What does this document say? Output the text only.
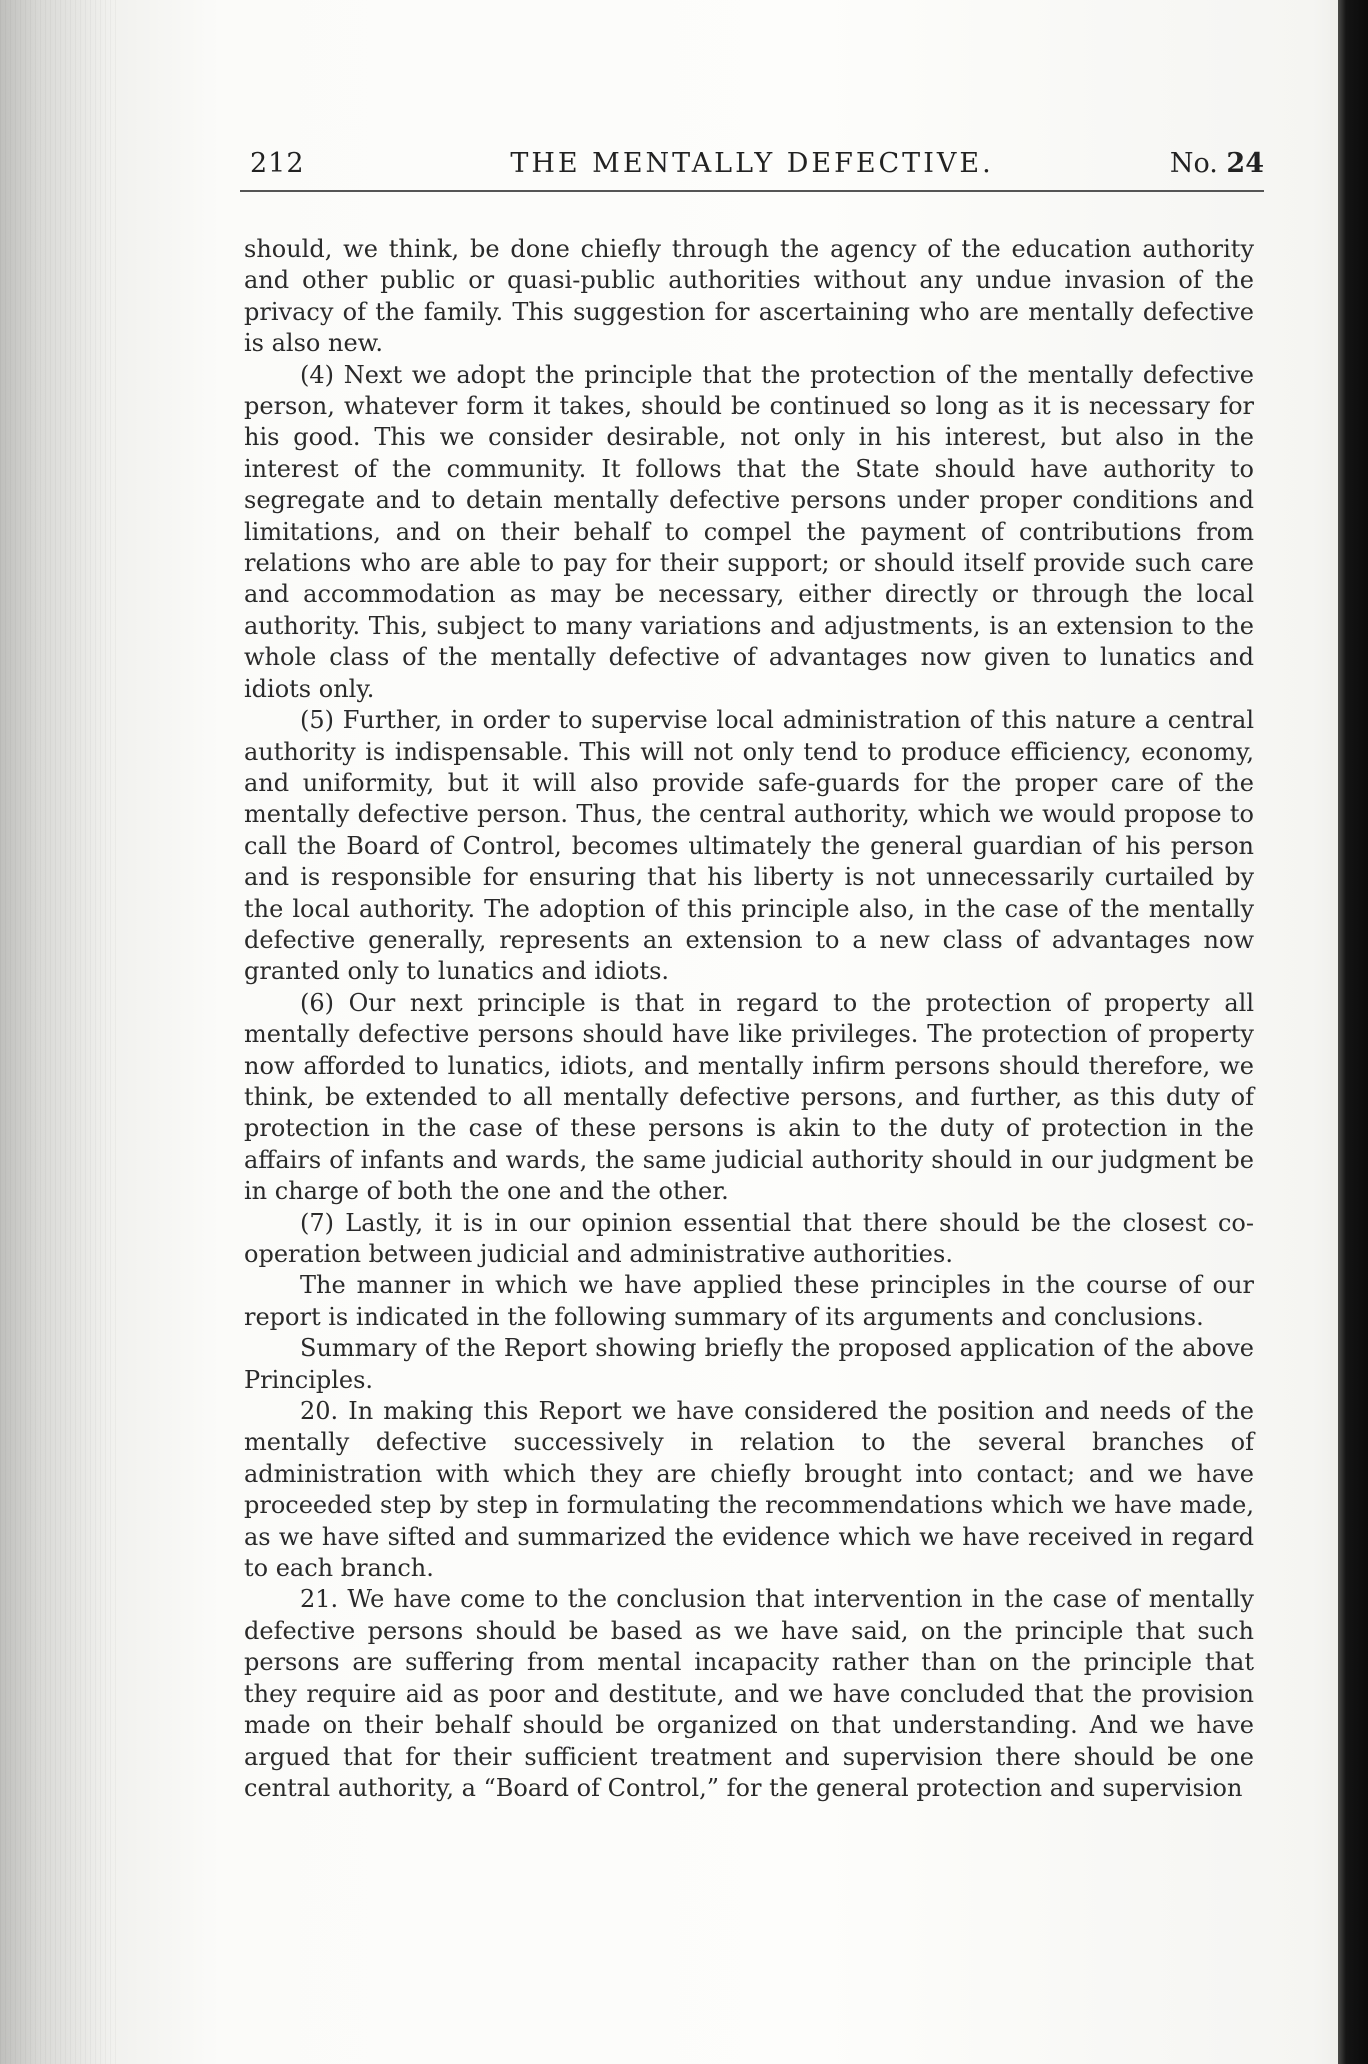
212	THE MENTALLY DEFECTIVE.	No. 24

should, we think, be done chiefly through the agency of the education authority and other public or quasi-public authorities without any undue invasion of the privacy of the family. This suggestion for ascertaining who are mentally defective is also new.

(4) Next we adopt the principle that the protection of the mentally defective person, whatever form it takes, should be continued so long as it is necessary for his good. This we consider desirable, not only in his interest, but also in the interest of the community. It follows that the State should have authority to segregate and to detain mentally defective persons under proper conditions and limitations, and on their behalf to compel the payment of contributions from relations who are able to pay for their support; or should itself provide such care and accommodation as may be necessary, either directly or through the local authority. This, subject to many variations and adjustments, is an extension to the whole class of the mentally defective of advantages now given to lunatics and idiots only.

(5) Further, in order to supervise local administration of this nature a central authority is indispensable. This will not only tend to produce efficiency, economy, and uniformity, but it will also provide safe-guards for the proper care of the mentally defective person. Thus, the central authority, which we would propose to call the Board of Control, becomes ultimately the general guardian of his person and is responsible for ensuring that his liberty is not unnecessarily curtailed by the local authority. The adoption of this principle also, in the case of the mentally defective generally, represents an extension to a new class of advantages now granted only to lunatics and idiots.

(6) Our next principle is that in regard to the protection of property all mentally defective persons should have like privileges. The protection of property now afforded to lunatics, idiots, and mentally infirm persons should therefore, we think, be extended to all mentally defective persons, and further, as this duty of protection in the case of these persons is akin to the duty of protection in the affairs of infants and wards, the same judicial authority should in our judgment be in charge of both the one and the other.

(7) Lastly, it is in our opinion essential that there should be the closest co-operation between judicial and administrative authorities.

The manner in which we have applied these principles in the course of our report is indicated in the following summary of its arguments and conclusions.

Summary of the Report showing briefly the proposed application of the above Principles.

20. In making this Report we have considered the position and needs of the mentally defective successively in relation to the several branches of administration with which they are chiefly brought into contact; and we have proceeded step by step in formulating the recommendations which we have made, as we have sifted and summarized the evidence which we have received in regard to each branch.

21. We have come to the conclusion that intervention in the case of mentally defective persons should be based as we have said, on the principle that such persons are suffering from mental incapacity rather than on the principle that they require aid as poor and destitute, and we have concluded that the provision made on their behalf should be organized on that understanding. And we have argued that for their sufficient treatment and supervision there should be one central authority, a “Board of Control,” for the general protection and supervision
